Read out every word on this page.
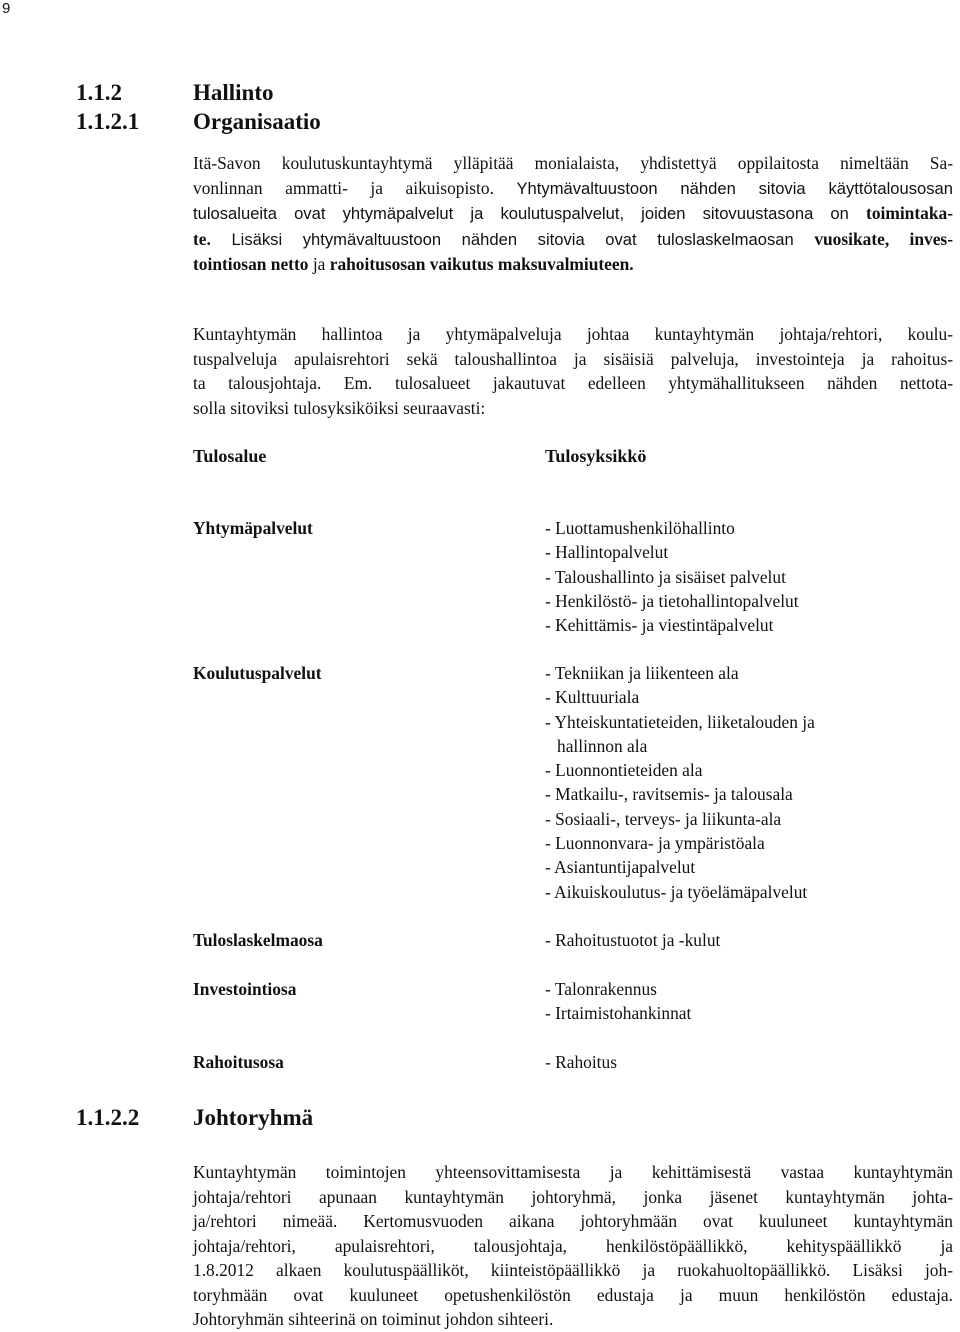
9
1.1.2	Hallinto
1.1.2.1 Organisaatio
Itä-Savon koulutuskuntayhtymä ylläpitää monialaista, yhdistettyä oppilaitosta nimeltään Sa-
vonlinnan ammatti- ja aikuisopisto. Yhtymävaltuustoon nähden sitovia käyttötalousosan
tulosalueita ovat yhtymäpalvelut ja koulutuspalvelut, joiden sitovuustasona on toimintaka-
te. Lisäksi yhtymävaltuustoon nähden sitovia ovat tuloslaskelmaosan vuosikate, inves-
tointiosan netto ja rahoitusosan vaikutus maksuvalmiuteen.
Kuntayhtymän hallintoa ja yhtymäpalveluja johtaa kuntayhtymän johtaja/rehtori, koulu-
tuspalveluja apulaisrehtori sekä taloushallintoa ja sisäisiä palveluja, investointeja ja rahoitus-
ta talousjohtaja. Em. tulosalueet jakautuvat edelleen yhtymähallitukseen nähden nettota-
solla sitoviksi tulosyksiköiksi seuraavasti:
Tulosalue	Tulosyksikkö
Yhtymäpalvelut	- Luottamushenkilöhallinto
- Hallintopalvelut
- Taloushallinto ja sisäiset palvelut
- Henkilöstö- ja tietohallintopalvelut
- Kehittämis- ja viestintäpalvelut
Koulutuspalvelut	- Tekniikan ja liikenteen ala
- Kulttuuriala
- Yhteiskuntatieteiden, liiketalouden ja
hallinnon ala
- Luonnontieteiden ala
- Matkailu-, ravitsemis- ja talousala
- Sosiaali-, terveys- ja liikunta-ala
- Luonnonvara- ja ympäristöala
- Asiantuntijapalvelut
- Aikuiskoulutus- ja työelämäpalvelut
Tuloslaskelmaosa	- Rahoitustuotot ja -kulut
Investointiosa	- Talonrakennus
- Irtaimistohankinnat
Rahoitusosa	- Rahoitus
1.1.2.2 Johtoryhmä
Kuntayhtymän toimintojen yhteensovittamisesta ja kehittämisestä vastaa kuntayhtymän
johtaja/rehtori apunaan kuntayhtymän johtoryhmä, jonka jäsenet kuntayhtymän johta-
ja/rehtori nimeää. Kertomusvuoden aikana johtoryhmään ovat kuuluneet kuntayhtymän
johtaja/rehtori, apulaisrehtori, talousjohtaja, henkilöstöpäällikkö, kehityspäällikkö ja
1.8.2012 alkaen koulutuspäälliköt, kiinteistöpäällikkö ja ruokahuoltopäällikkö. Lisäksi joh-
toryhmään ovat kuuluneet opetushenkilöstön edustaja ja muun henkilöstön edustaja.
Johtoryhmän sihteerinä on toiminut johdon sihteeri.
